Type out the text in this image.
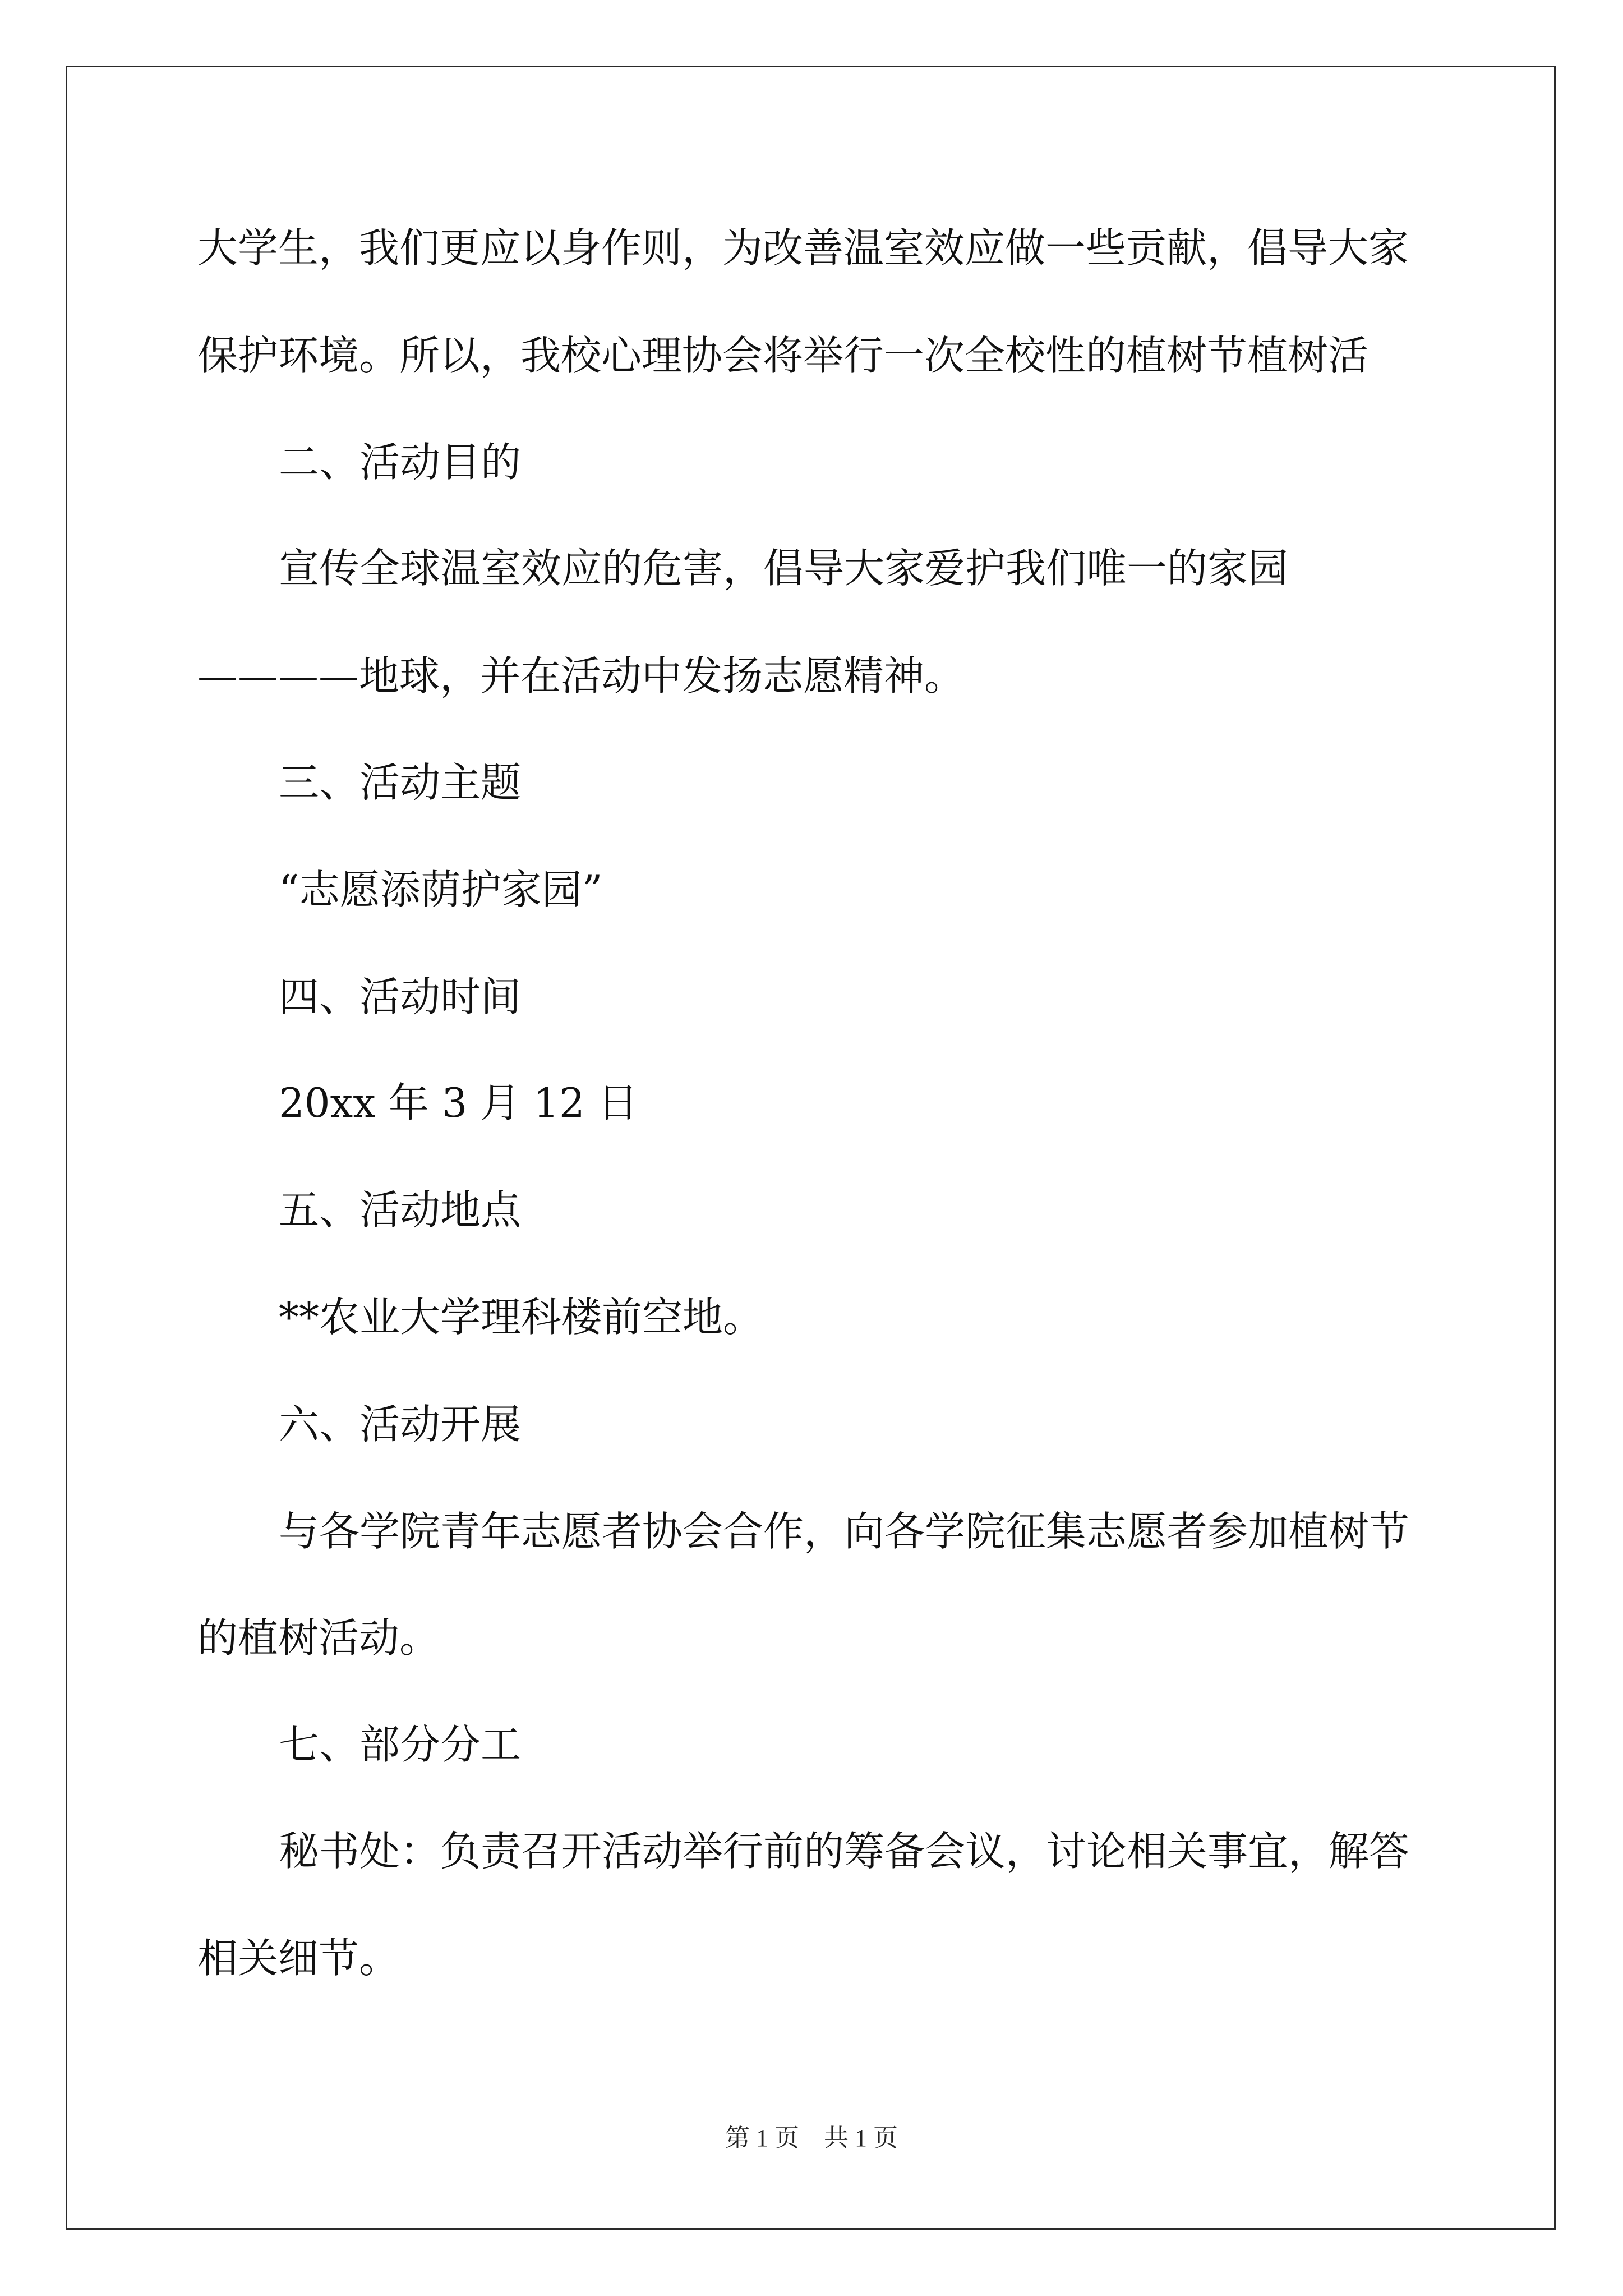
大学生，我们更应以身作则，为改善温室效应做一些贡献，倡导大家

保护环境。所以，我校心理协会将举行一次全校性的植树节植树活

二、活动目的

宣传全球温室效应的危害，倡导大家爱护我们唯一的家园

————地球，并在活动中发扬志愿精神。

三、活动主题

“志愿添荫护家园”

四、活动时间

20xx 年 3 月 12 日

五、活动地点

**农业大学理科楼前空地。

六、活动开展

与各学院青年志愿者协会合作，向各学院征集志愿者参加植树节

的植树活动。

七、部分分工

秘书处：负责召开活动举行前的筹备会议，讨论相关事宜，解答

相关细节。

第 1 页　共 1 页
